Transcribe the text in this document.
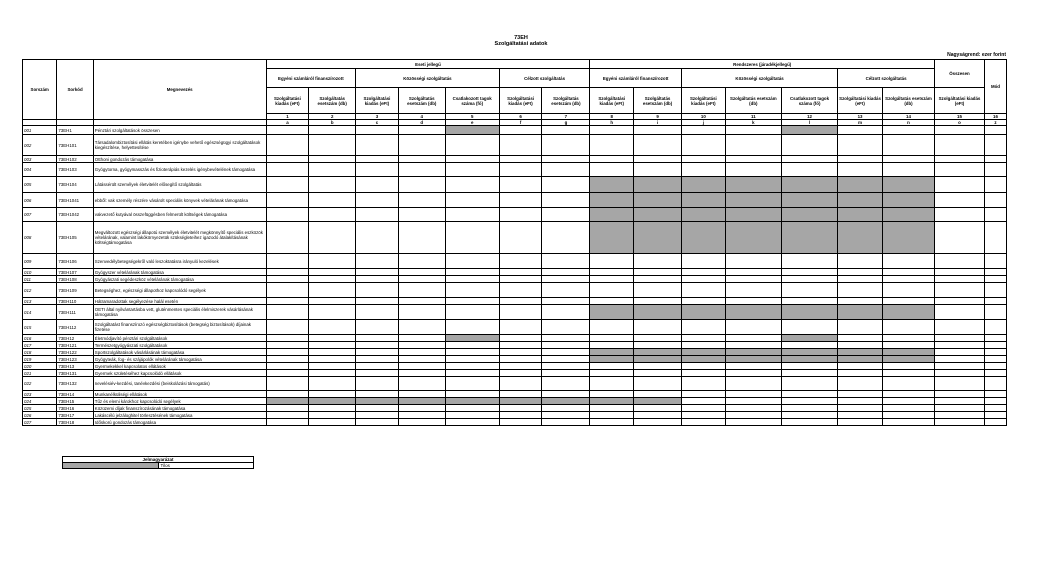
73EH
Szolgáltatási adatok
Nagyságrend: ezer forint
Sorszám	Sorkód	Megnevezés	Eseti jellegű							Rendszeres (járadékjellegű)							Összesen	Mód
			Egyéni számláról finanszírozott		Közösségi szolgáltatás			Célzott szolgáltatás		Egyéni számláról finanszírozott		Közösségi szolgáltatás			Célzott szolgáltatás			
			Szolgáltatási kiadás (eFt)	Szolgáltatás esetszám (db)	Szolgáltatási kiadás (eFt)	Szolgáltatás esetszám (db)	Csatlakozott tagok száma (fő)	Szolgáltatási kiadás (eFt)	Szolgáltatás esetszám (db)	Szolgáltatási kiadás (eFt)	Szolgáltatás esetszám (db)	Szolgáltatási kiadás (eFt)	Szolgáltatás esetszám (db)	Csatlakozott tagok száma (fő)	Szolgáltatási kiadás (eFt)	Szolgáltatás esetszám (db)	Szolgáltatási kiadás (eFt)	
			1	2	3	4	5	6	7	8	9	10	11	12	13	14	15	16
			a	b	c	d	e	f	g	h	i	j	k	l	m	n	o	z
001	73EH1	Pénztári szolgáltatások összesen																
002	73EH101	Társadalombiztosítási ellátás keretében igénybe vehető egészségügyi szolgáltatások kiegészítése, helyettesítése																
003	73EH102	Otthoni gondozás támogatása																
004	73EH103	Gyógytorna, gyógymasszás és fizioterápiás kezelés igénybevételének támogatása																
005	73EH104	Látássérült személyek életvitelét elősegítő szolgáltatás																
006	73EH1041	ebből: vak személy részére vásárolt speciális könyvek vételárának támogatása																
007	73EH1042	vakvezető kutyával összefüggésben felmerült költségek támogatása																
008	73EH105	Megváltozott egészségi állapotú személyek életvitelét megkönnyítő speciális eszközök vételárának, valamint lakókörnyezetük szükségleteihez igazodó átalakításának költségtámogatása																
009	73EH106	Szenvedélybetegségekről való leszoktatásra irányuló kezelések																
010	73EH107	Gyógyszer vételárának támogatása																
011	73EH108	Gyógyászati segédeszköz vételárának támogatása																
012	73EH109	Betegséghez, egészségi állapothoz kapcsolódó segélyek																
013	73EH110	Hátramaradottak segélyezése halál esetén																
014	73EH111	OETI által nyilvántartásba vett, gluténmentes speciális élelmiszerek vásárlásának támogatása																
015	73EH112	Szolgáltatást finanszírozó egészségbiztosítások (betegség biztosítások) díjainak fizetése																
016	73EH12	Életmódjavító pénztári szolgáltatások																
017	73EH121	Természetgyógyászati szolgáltatások																
018	73EH122	Sportszolgáltatások vásárlásának támogatása																
019	73EH123	Gyógyteák, fog- és szájápolók vételárának támogatása																
020	73EH13	Gyermekekkel kapcsolatos ellátások																
021	73EH131	Gyermek születéséhez kapcsolódó ellátások																
022	73EH132	nevelésiév-kezdési, tanévkezdési (beiskolázási támogatás)																
023	73EH14	Munkanélküliségi ellátások																
024	73EH15	Tűz és elemi károkhoz kapcsolódó segélyek																
025	73EH16	Közüzemi díjak finanszírozásának támogatása																
026	73EH17	Lakáscélú jelzáloghitel törlesztésének támogatása																
027	73EH18	Időskorú gondozás támogatása																
Jelmagyarázat
	Tilos
